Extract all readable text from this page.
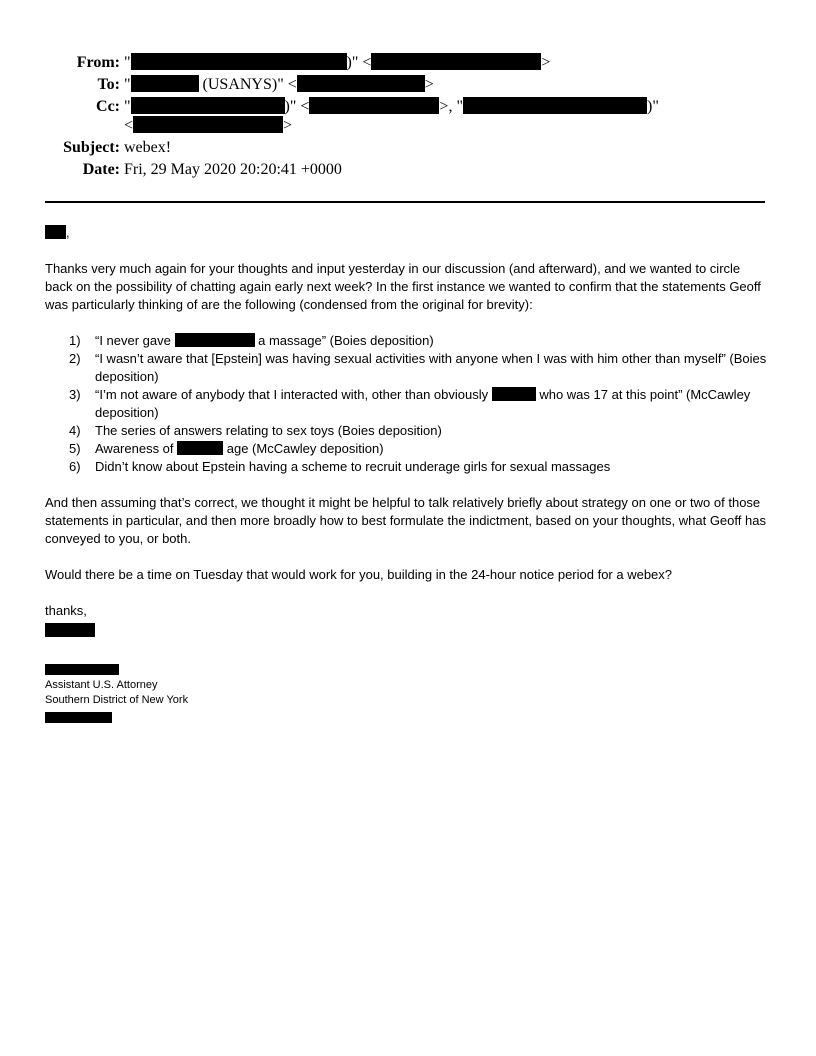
From: "	)" <	>
To: "	(USANYS)" <	>
Cc: "	)" <	>, "	)"
<	>
Subject: webex!
Date: Fri, 29 May 2020 20:20:41 +0000

,

Thanks very much again for your thoughts and input yesterday in our discussion (and afterward), and we wanted to circle back on the possibility of chatting again early next week? In the first instance we wanted to confirm that the statements Geoff was particularly thinking of are the following (condensed from the original for brevity):

1) “I never gave	a massage” (Boies deposition)
2) “I wasn’t aware that [Epstein] was having sexual activities with anyone when I was with him other than myself” (Boies deposition)
3) “I’m not aware of anybody that I interacted with, other than obviously	who was 17 at this point” (McCawley deposition)
4) The series of answers relating to sex toys (Boies deposition)
5) Awareness of	age (McCawley deposition)
6) Didn’t know about Epstein having a scheme to recruit underage girls for sexual massages

And then assuming that’s correct, we thought it might be helpful to talk relatively briefly about strategy on one or two of those statements in particular, and then more broadly how to best formulate the indictment, based on your thoughts, what Geoff has conveyed to you, or both.

Would there be a time on Tuesday that would work for you, building in the 24-hour notice period for a webex?

thanks,

Assistant U.S. Attorney

Southern District of New York
